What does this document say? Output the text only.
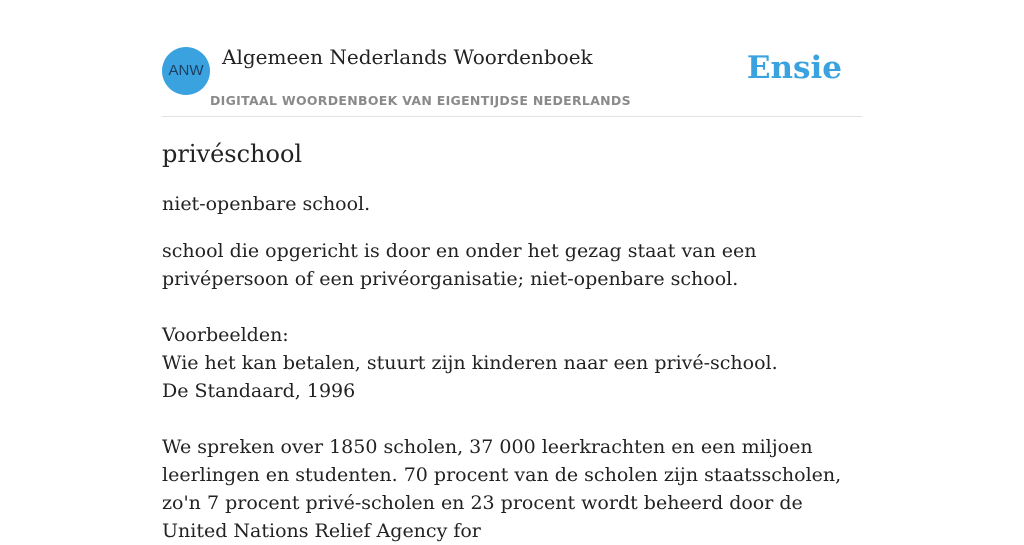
ANW
Algemeen Nederlands Woordenboek
DIGITAAL WOORDENBOEK VAN EIGENTIJDSE NEDERLANDS
Ensie
privéschool

niet-openbare school.

school die opgericht is door en onder het gezag staat van een privépersoon of een privéorganisatie; niet-openbare school.

Voorbeelden:
Wie het kan betalen, stuurt zijn kinderen naar een privé-school.
De Standaard, 1996
We spreken over 1850 scholen, 37 000 leerkrachten en een miljoen leerlingen en studenten. 70 procent van de scholen zijn staatsscholen, zo'n 7 procent privé-scholen en 23 procent wordt beheerd door de United Nations Relief Agency for
